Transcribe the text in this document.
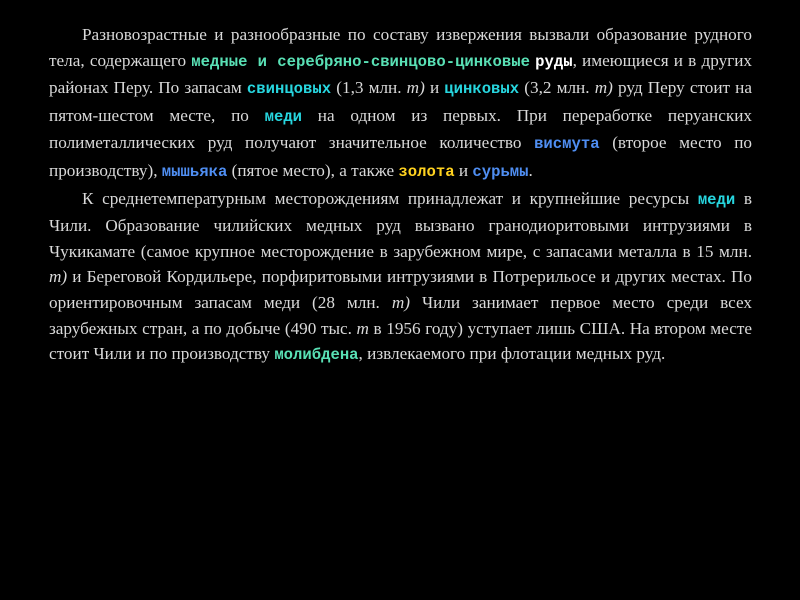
Разновозрастные и разнообразные по составу извержения вызвали образование рудного тела, содержащего медные и серебряно-свинцово-цинковые руды, имеющиеся и в других районах Перу. По запасам свинцовых (1,3 млн. т) и цинковых (3,2 млн. т) руд Перу стоит на пятом-шестом месте, по меди на одном из первых. При переработке перуанских полиметаллических руд получают значительное количество висмута (второе место по производству), мышьяка (пятое место), а также золота и сурьмы.

К среднетемпературным месторождениям принадлежат и крупнейшие ресурсы меди в Чили. Образование чилийских медных руд вызвано гранодиоритовыми интрузиями в Чукикамате (самое крупное месторождение в зарубежном мире, с запасами металла в 15 млн. т) и Береговой Кордильере, порфиритовыми интрузиями в Потрерильосе и других местах. По ориентировочным запасам меди (28 млн. т) Чили занимает первое место среди всех зарубежных стран, а по добыче (490 тыс. т в 1956 году) уступает лишь США. На втором месте стоит Чили и по производству молибдена, извлекаемого при флотации медных руд.
